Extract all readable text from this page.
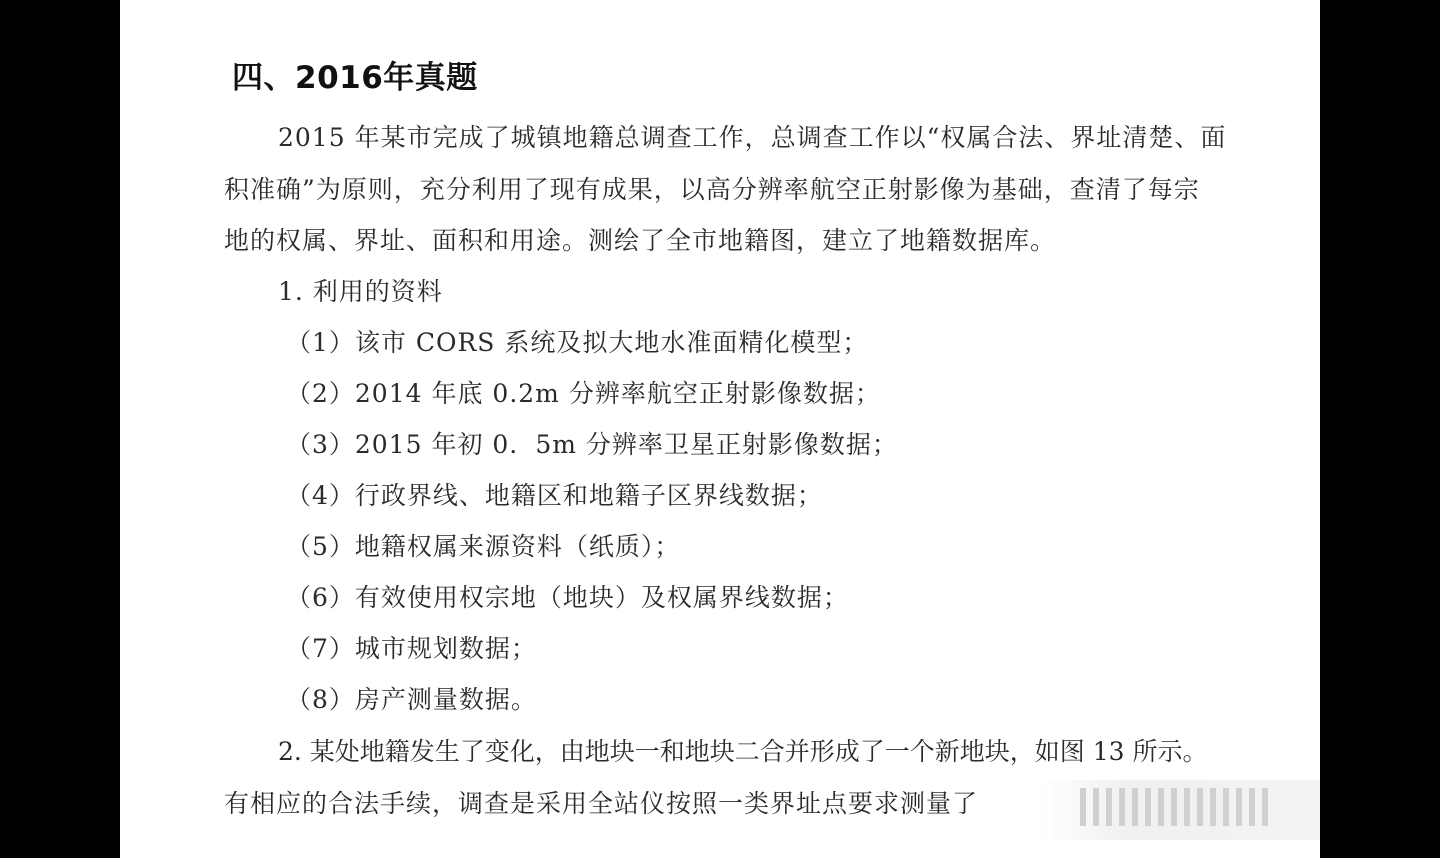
四、2016年真题
2015 年某市完成了城镇地籍总调查工作，总调查工作以“权属合法、界址清楚、面
积准确”为原则，充分利用了现有成果，以高分辨率航空正射影像为基础，查清了每宗
地的权属、界址、面积和用途。测绘了全市地籍图，建立了地籍数据库。
1. 利用的资料
（1）该市 CORS 系统及拟大地水准面精化模型；
（2）2014 年底 0.2m 分辨率航空正射影像数据；
（3）2015 年初 0．5m 分辨率卫星正射影像数据；
（4）行政界线、地籍区和地籍子区界线数据；
（5）地籍权属来源资料（纸质）；
（6）有效使用权宗地（地块）及权属界线数据；
（7）城市规划数据；
（8）房产测量数据。
2. 某处地籍发生了变化，由地块一和地块二合并形成了一个新地块，如图 13 所示。
有相应的合法手续，调查是采用全站仪按照一类界址点要求测量了
